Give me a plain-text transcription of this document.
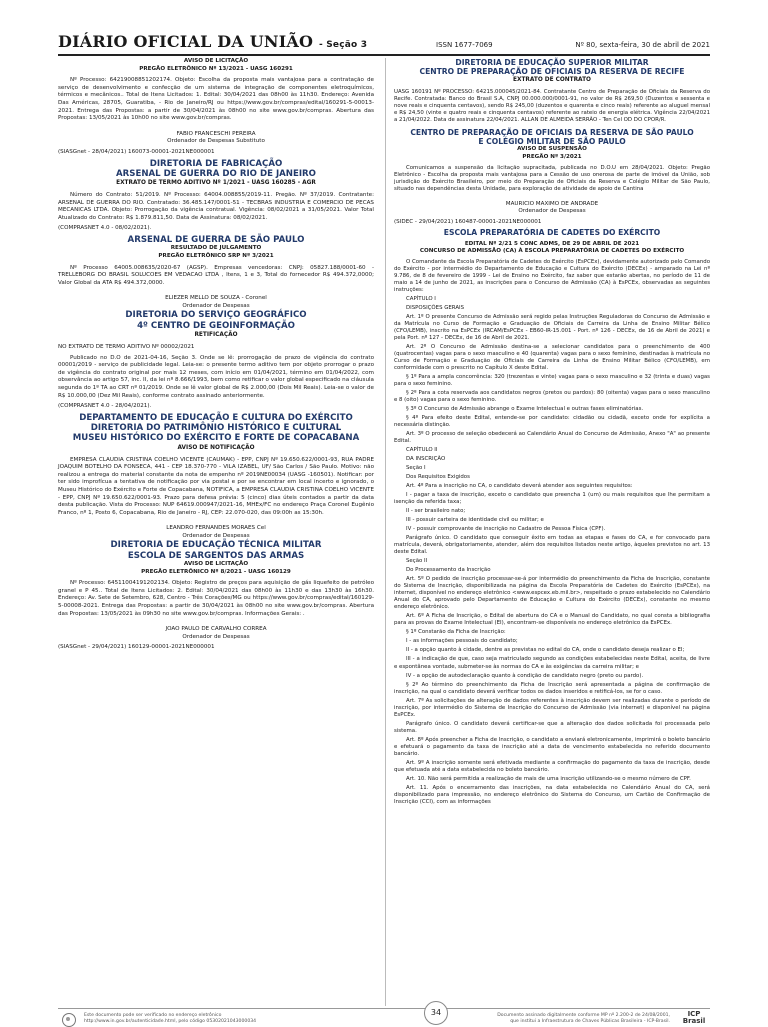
DIÁRIO OFICIAL DA UNIÃO - Seção 3	ISSN 1677-7069	Nº 80, sexta-feira, 30 de abril de 2021

AVISO DE LICITAÇÃO

PREGÃO ELETRÔNICO Nº 13/2021 - UASG 160291

Nº Processo: 64219008851202174. Objeto: Escolha da proposta mais vantajosa para a contratação de serviço de desenvolvimento e confecção de um sistema de integração de componentes eletroquímicos, térmicos e mecânicos.. Total de Itens Licitados: 1. Edital: 30/04/2021 das 08h00 às 11h30. Endereço: Avenida Das Américas, 28705, Guaratiba, - Rio de Janeiro/RJ ou https://www.gov.br/compras/edital/160291-5-00013-2021. Entrega das Propostas: a partir de 30/04/2021 às 08h00 no site www.gov.br/compras. Abertura das Propostas: 13/05/2021 às 10h00 no site www.gov.br/compras.

FABIO FRANCESCHI PEREIRA

Ordenador de Despesas Substituto

(SIASGnet - 28/04/2021) 160073-00001-2021NE000001

DIRETORIA DE FABRICAÇÃO

ARSENAL DE GUERRA DO RIO DE JANEIRO

EXTRATO DE TERMO ADITIVO Nº 1/2021 - UASG 160285 - AGR

Número do Contrato: 51/2019. Nº Processo: 64004.008855/2019-11. Pregão. Nº 37/2019. Contratante: ARSENAL DE GUERRA DO RIO. Contratado: 36.485.147/0001-51 - TECBRAS INDUSTRIA E COMERCIO DE PECAS MECANICAS LTDA. Objeto: Prorrogação da vigência contratual. Vigência: 08/02/2021 a 31/05/2021. Valor Total Atualizado do Contrato: R$ 1.879.811,50. Data de Assinatura: 08/02/2021.

(COMPRASNET 4.0 - 08/02/2021).

ARSENAL DE GUERRA DE SÃO PAULO

RESULTADO DE JULGAMENTO

PREGÃO ELETRÔNICO SRP Nº 3/2021

Nº Processo 64005.008635/2020-67 (AGSP). Empresas vencedoras: CNPJ: 05827.188/0001-60 - TRELLEBORG DO BRASIL SOLUCOES EM VEDACAO LTDA , Itens, 1 e 3, Total do fornecedor R$ 494.372,0000; Valor Global da ATA R$ 494.372,0000.

ELIEZER MELLO DE SOUZA - Coronel

Ordenador de Despesas

DIRETORIA DO SERVIÇO GEOGRÁFICO

4º CENTRO DE GEOINFORMAÇÃO

RETIFICAÇÃO

NO EXTRATO DE TERMO ADITIVO Nº 00002/2021

Publicado no D.O de 2021-04-16, Seção 3. Onde se lê: prorrogação de prazo de vigência do contrato 00001/2019 - serviço de publicidade legal. Leia-se: o presente termo aditivo tem por objeto prorrogar o prazo de vigência do contrato original por mais 12 meses, com início em 01/04/2021, término em 01/04/2022, com observância ao artigo 57, inc. II, da lei nº 8.666/1993, bem como retificar o valor global especificado na cláusula segunda do 1º TA ao CRT nº 01/2019. Onde se lê valor global de R$ 2.000,00 (Dois Mil Reais). Leia-se o valor de R$ 10.000,00 (Dez Mil Reais), conforme contrato assinado anteriormente.

(COMPRASNET 4.0 - 28/04/2021).

DEPARTAMENTO DE EDUCAÇÃO E CULTURA DO EXÉRCITO

DIRETORIA DO PATRIMÔNIO HISTÓRICO E CULTURAL

MUSEU HISTÓRICO DO EXÉRCITO E FORTE DE COPACABANA

AVISO DE NOTIFICAÇÃO

EMPRESA CLAUDIA CRISTINA COELHO VICENTE (CAUMAK) - EPP, CNPJ Nº 19.650.622/0001-93, RUA PADRE JOAQUIM BOTELHO DA FONSECA, 441 - CEP 18.370-770 - VILA IZABEL, UF/ São Carlos / São Paulo. Motivo: não realizou a entrega do material constante da nota de empenho nº 2019NE00034 (UASG -160501). Notificar: por ter sido improfícua a tentativa de notificação por via postal e por se encontrar em local incerto e ignorado, o Museu Histórico do Exército e Forte de Copacabana, NOTIFICA, a EMPRESA CLAUDIA CRISTINA COELHO VICENTE - EPP, CNPJ Nº 19.650.622/0001-93. Prazo para defesa prévia: 5 (cinco) dias úteis contados a partir da data desta publicação. Vista do Processo: NUP 64619.000947/2021-16, MHEx/FC no endereço Praça Coronel Eugênio Franco, nº 1, Posto 6, Copacabana, Rio de Janeiro - RJ, CEP: 22.070-020, das 09:00h as 15:30h.

LEANDRO FERNANDES MORAES Cel

Ordenador de Despesas

DIRETORIA DE EDUCAÇÃO TÉCNICA MILITAR

ESCOLA DE SARGENTOS DAS ARMAS

AVISO DE LICITAÇÃO

PREGÃO ELETRÔNICO Nº 8/2021 - UASG 160129

Nº Processo: 64511004191202134. Objeto: Registro de preços para aquisição de gás liquefeito de petróleo granel e P 45.. Total de Itens Licitados: 2. Edital: 30/04/2021 das 08h00 às 11h30 e das 13h30 às 16h30. Endereço: Av. Sete de Setembro, 628, Centro - Três Corações/MG ou https://www.gov.br/compras/edital/160129-5-00008-2021. Entrega das Propostas: a partir de 30/04/2021 às 08h00 no site www.gov.br/compras. Abertura das Propostas: 13/05/2021 às 09h30 no site www.gov.br/compras. Informações Gerais: .

JOAO PAULO DE CARVALHO CORREA

Ordenador de Despesas

(SIASGnet - 29/04/2021) 160129-00001-2021NE000001

DIRETORIA DE EDUCAÇÃO SUPERIOR MILITAR

CENTRO DE PREPARAÇÃO DE OFICIAIS DA RESERVA DE RECIFE

EXTRATO DE CONTRATO

UASG 160191 Nº PROCESSO: 64215.000045/2021-84. Contratante Centro de Preparação de Oficiais da Reserva do Recife. Contratada: Banco do Brasil S.A, CNPJ 00.000.000/0001-91, no valor de R$ 269,50 (Duzentos e sessenta e nove reais e cinquenta centavos), sendo R$ 245,00 (duzentos e quarenta e cinco reais) referente ao aluguel mensal e R$ 24,50 (vinte e quatro reais e cinquenta centavos) referente ao rateio de energia elétrica. Vigência 22/04/2021 a 21/04/2022. Data de assinatura 22/04/2021. ALLAN DE ALMEIDA SERRÃO - Ten Cel OD DO CPOR/R.

CENTRO DE PREPARAÇÃO DE OFICIAIS DA RESERVA DE SÃO PAULO

E COLÉGIO MILITAR DE SÃO PAULO

AVISO DE SUSPENSÃO

PREGÃO Nº 3/2021

Comunicamos a suspensão da licitação supracitada, publicada no D.O.U em 28/04/2021. Objeto: Pregão Eletrônico - Escolha da proposta mais vantajosa para a Cessão de uso onerosa de parte de imóvel da União, sob jurisdição do Exército Brasileiro, por meio do Preparação de Oficiais da Reserva e Colégio Militar de São Paulo, situado nas dependências desta Unidade, para exploração de atividade de apoio de Cantina

MAURICIO MAXIMO DE ANDRADE

Ordenador de Despesas

(SIDEC - 29/04/2021) 160487-00001-2021NE000001

ESCOLA PREPARATÓRIA DE CADETES DO EXÉRCITO

EDITAL Nº 2/21 5 CONC ADMS, DE 29 DE ABRIL DE 2021

CONCURSO DE ADMISSÃO (CA) À ESCOLA PREPARATÓRIA DE CADETES DO EXÉRCITO

O Comandante da Escola Preparatória de Cadetes do Exército (EsPCEx), devidamente autorizado pelo Comando do Exército - por intermédio do Departamento de Educação e Cultura do Exército (DECEx) - amparado na Lei nº 9.786, de 8 de fevereiro de 1999 - Lei de Ensino no Exército, faz saber que estarão abertas, no período de 11 de maio a 14 de junho de 2021, as inscrições para o Concurso de Admissão (CA) à EsPCEx, observadas as seguintes instruções:

CAPÍTULO I

DISPOSIÇÕES GERAIS

Art. 1º O presente Concurso de Admissão será regido pelas Instruções Reguladoras do Concurso de Admissão e da Matrícula no Curso de Formação e Graduação de Oficiais de Carreira da Linha de Ensino Militar Bélico (CFO/LEMB), inscrito na EsPCEx (IRCAM/EsPCEx - EB60-IR-15.001 - Port. nº 126 - DECEx, de 16 de Abril de 2021) e pela Port. nº 127 - DECEx, de 16 de Abril de 2021.

Art. 2º O Concurso de Admissão destina-se a selecionar candidatos para o preenchimento de 400 (quatrocentas) vagas para o sexo masculino e 40 (quarenta) vagas para o sexo feminino, destinadas à matrícula no Curso de Formação e Graduação de Oficiais de Carreira da Linha de Ensino Militar Bélico (CFO/LEMB), em conformidade com o prescrito no Capítulo X deste Edital.

§ 1º Para a ampla concorrência: 320 (trezentas e vinte) vagas para o sexo masculino e 32 (trinta e duas) vagas para o sexo feminino.

§ 2º Para a cota reservada aos candidatos negros (pretos ou pardos): 80 (oitenta) vagas para o sexo masculino e 8 (oito) vagas para o sexo feminino.

§ 3º O Concurso de Admissão abrange o Exame Intelectual e outras fases eliminatórias.

§ 4º Para efeito deste Edital, entende-se por candidato: cidadão ou cidadã, exceto onde for explícita a necessária distinção.

Art. 3º O processo de seleção obedecerá ao Calendário Anual do Concurso de Admissão, Anexo "A" ao presente Edital.

CAPÍTULO II

DA INSCRIÇÃO

Seção I

Dos Requisitos Exigidos

Art. 4º Para a inscrição no CA, o candidato deverá atender aos seguintes requisitos:

I - pagar a taxa de inscrição, exceto o candidato que preencha 1 (um) ou mais requisitos que lhe permitam a isenção da referida taxa;

II - ser brasileiro nato;

III - possuir carteira de identidade civil ou militar; e

IV - possuir comprovante de inscrição no Cadastro de Pessoa Física (CPF).

Parágrafo único. O candidato que conseguir êxito em todas as etapas e fases do CA, e for convocado para matrícula, deverá, obrigatoriamente, atender, além dos requisitos listados neste artigo, àqueles previstos no art. 13 deste Edital.

Seção II

Do Processamento da Inscrição

Art. 5º O pedido de inscrição processar-se-á por intermédio do preenchimento da Ficha de Inscrição, constante do Sistema de Inscrição, disponibilizada na página da Escola Preparatória de Cadetes do Exército (EsPCEx), na internet, disponível no endereço eletrônico <www.espcex.eb.mil.br>, respeitado o prazo estabelecido no Calendário Anual do CA, aprovado pelo Departamento de Educação e Cultura do Exército (DECEx), constante no mesmo endereço eletrônico.

Art. 6º A Ficha de Inscrição, o Edital de abertura do CA e o Manual do Candidato, no qual consta a bibliografia para as provas do Exame Intelectual (EI), encontram-se disponíveis no endereço eletrônico da EsPCEx.

§ 1º Constarão da Ficha de Inscrição:

I - as informações pessoais do candidato;

II - a opção quanto à cidade, dentre as previstas no edital do CA, onde o candidato deseja realizar o EI;

III - a indicação de que, caso seja matriculado segundo as condições estabelecidas neste Edital, aceita, de livre e espontânea vontade, submeter-se às normas do CA e às exigências da carreira militar; e

IV - a opção de autodeclaração quanto à condição de candidato negro (preto ou pardo).

§ 2º Ao término do preenchimento da Ficha de Inscrição será apresentada a página de confirmação de inscrição, na qual o candidato deverá verificar todos os dados inseridos e retificá-los, se for o caso.

Art. 7º As solicitações de alteração de dados referentes à inscrição devem ser realizadas durante o período de inscrição, por intermédio do Sistema de Inscrição do Concurso de Admissão (via internet) e disponível na página EsPCEx.

Parágrafo único. O candidato deverá certificar-se que a alteração dos dados solicitada foi processada pelo sistema.

Art. 8º Após preencher a Ficha de Inscrição, o candidato a enviará eletronicamente, imprimirá o boleto bancário e efetuará o pagamento da taxa de inscrição até a data de vencimento estabelecida no referido documento bancário.

Art. 9º A inscrição somente será efetivada mediante a confirmação do pagamento da taxa de inscrição, desde que efetuada até a data estabelecida no boleto bancário.

Art. 10. Não será permitida a realização de mais de uma inscrição utilizando-se o mesmo número de CPF.

Art. 11. Após o encerramento das inscrições, na data estabelecida no Calendário Anual do CA, será disponibilizado para impressão, no endereço eletrônico do Sistema do Concurso, um Cartão de Confirmação de Inscrição (CCI), com as informações

Este documento pode ser verificado no endereço eletrônico
http://www.in.gov.br/autenticidade.html, pelo código 05302021043000034
34	Documento assinado digitalmente conforme MP nº 2.200-2 de 24/08/2001,
que institui a Infraestrutura de Chaves Públicas Brasileira - ICP-Brasil.
ICP Brasil
